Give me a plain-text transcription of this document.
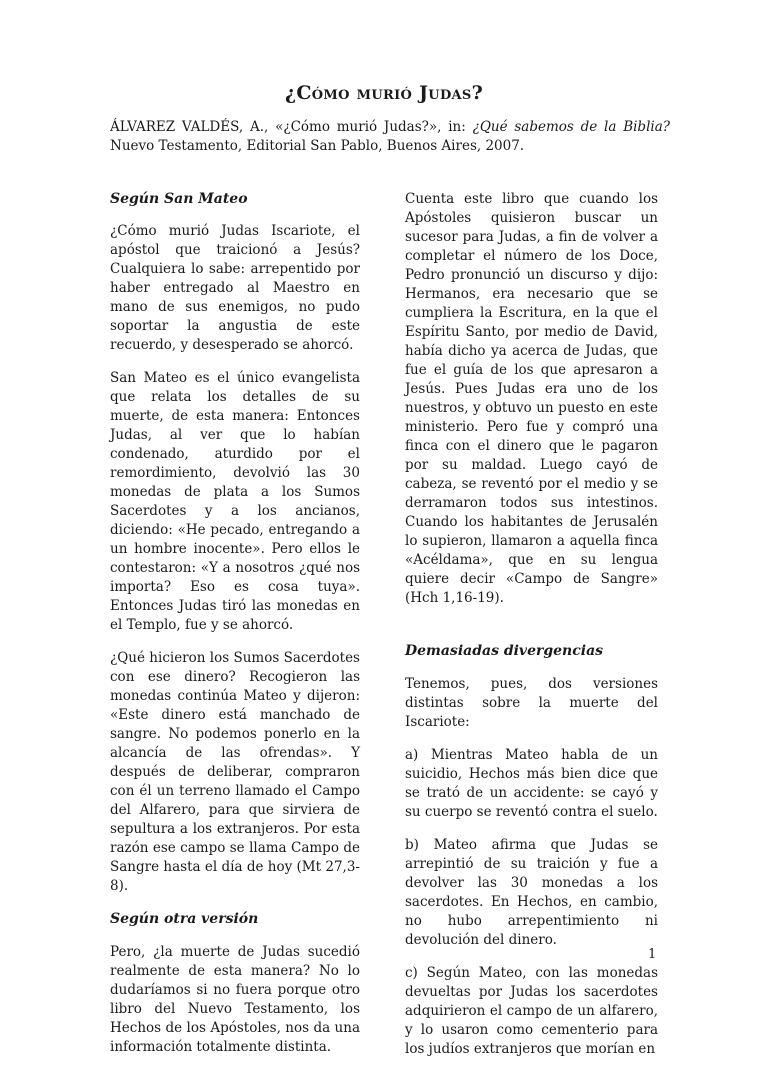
¿Cómo murió Judas?

ÁLVAREZ VALDÉS, A., «¿Cómo murió Judas?», in: ¿Qué sabemos de la Biblia? Nuevo Testamento, Editorial San Pablo, Buenos Aires, 2007.

Según San Mateo

¿Cómo murió Judas Iscariote, el apóstol que traicionó a Jesús? Cualquiera lo sabe: arrepentido por haber entregado al Maestro en mano de sus enemigos, no pudo soportar la angustia de este recuerdo, y desesperado se ahorcó.

San Mateo es el único evangelista que relata los detalles de su muerte, de esta manera: Entonces Judas, al ver que lo habían condenado, aturdido por el remordimiento, devolvió las 30 monedas de plata a los Sumos Sacerdotes y a los ancianos, diciendo: «He pecado, entregando a un hombre inocente». Pero ellos le contestaron: «Y a nosotros ¿qué nos importa? Eso es cosa tuya». Entonces Judas tiró las monedas en el Templo, fue y se ahorcó.

¿Qué hicieron los Sumos Sacerdotes con ese dinero? Recogieron las monedas continúa Mateo y dijeron: «Este dinero está manchado de sangre. No podemos ponerlo en la alcancía de las ofrendas». Y después de deliberar, compraron con él un terreno llamado el Campo del Alfarero, para que sirviera de sepultura a los extranjeros. Por esta razón ese campo se llama Campo de Sangre hasta el día de hoy (Mt 27,3-8).

Según otra versión

Pero, ¿la muerte de Judas sucedió realmente de esta manera? No lo dudaríamos si no fuera porque otro libro del Nuevo Testamento, los Hechos de los Apóstoles, nos da una información totalmente distinta.

Cuenta este libro que cuando los Apóstoles quisieron buscar un sucesor para Judas, a fin de volver a completar el número de los Doce, Pedro pronunció un discurso y dijo: Hermanos, era necesario que se cumpliera la Escritura, en la que el Espíritu Santo, por medio de David, había dicho ya acerca de Judas, que fue el guía de los que apresaron a Jesús. Pues Judas era uno de los nuestros, y obtuvo un puesto en este ministerio. Pero fue y compró una finca con el dinero que le pagaron por su maldad. Luego cayó de cabeza, se reventó por el medio y se derramaron todos sus intestinos. Cuando los habitantes de Jerusalén lo supieron, llamaron a aquella finca «Acéldama», que en su lengua quiere decir «Campo de Sangre» (Hch 1,16-19).

Demasiadas divergencias

Tenemos, pues, dos versiones distintas sobre la muerte del Iscariote:

a) Mientras Mateo habla de un suicidio, Hechos más bien dice que se trató de un accidente: se cayó y su cuerpo se reventó contra el suelo.

b) Mateo afirma que Judas se arrepintió de su traición y fue a devolver las 30 monedas a los sacerdotes. En Hechos, en cambio, no hubo arrepentimiento ni devolución del dinero.

c) Según Mateo, con las monedas devueltas por Judas los sacerdotes adquirieron el campo de un alfarero, y lo usaron como cementerio para los judíos extranjeros que morían en

1
